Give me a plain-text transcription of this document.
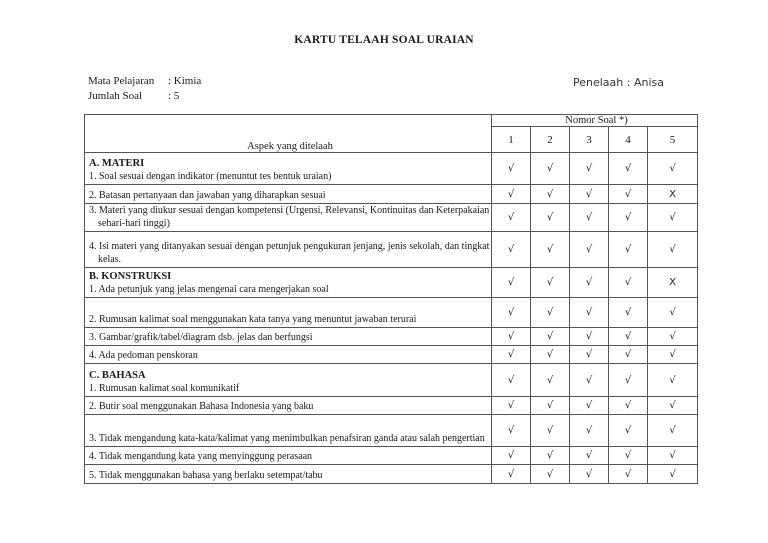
KARTU TELAAH SOAL URAIAN
Mata Pelajaran : Kimia
Jumlah Soal : 5
Penelaah : Anisa
Aspek yang ditelaah	Nomor Soal *)				
	1	2	3	4	5

A. MATERI
1. Soal sesuai dengan indikator (menuntut tes bentuk uraian)	√	√	√	√	√

2. Batasan pertanyaan dan jawaban yang diharapkan sesuai	√	√	√	√	X

3. Materi yang diukur sesuai dengan kompetensi (Urgensi, Relevansi, Kontinuitas dan Keterpakaian sehari-hari tinggi)	√	√	√	√	√

4. Isi materi yang ditanyakan sesuai dengan petunjuk pengukuran jenjang, jenis sekolah, dan tingkat kelas.	√	√	√	√	√

B. KONSTRUKSI
1. Ada petunjuk yang jelas mengenai cara mengerjakan soal	√	√	√	√	X

2. Rumusan kalimat soal menggunakan kata tanya yang menuntut jawaban terurai	√	√	√	√	√

3. Gambar/grafik/tabel/diagram dsb. jelas dan berfungsi	√	√	√	√	√

4. Ada pedoman penskoran	√	√	√	√	√

C. BAHASA
1. Rumusan kalimat soal komunikatif	√	√	√	√	√

2. Butir soal menggunakan Bahasa Indonesia yang baku	√	√	√	√	√

3. Tidak mengandung kata-kata/kalimat yang menimbulkan penafsiran ganda atau salah pengertian	√	√	√	√	√

4. Tidak mengandung kata yang menyinggung perasaan	√	√	√	√	√

5. Tidak menggunakan bahasa yang berlaku setempat/tabu	√	√	√	√	√
